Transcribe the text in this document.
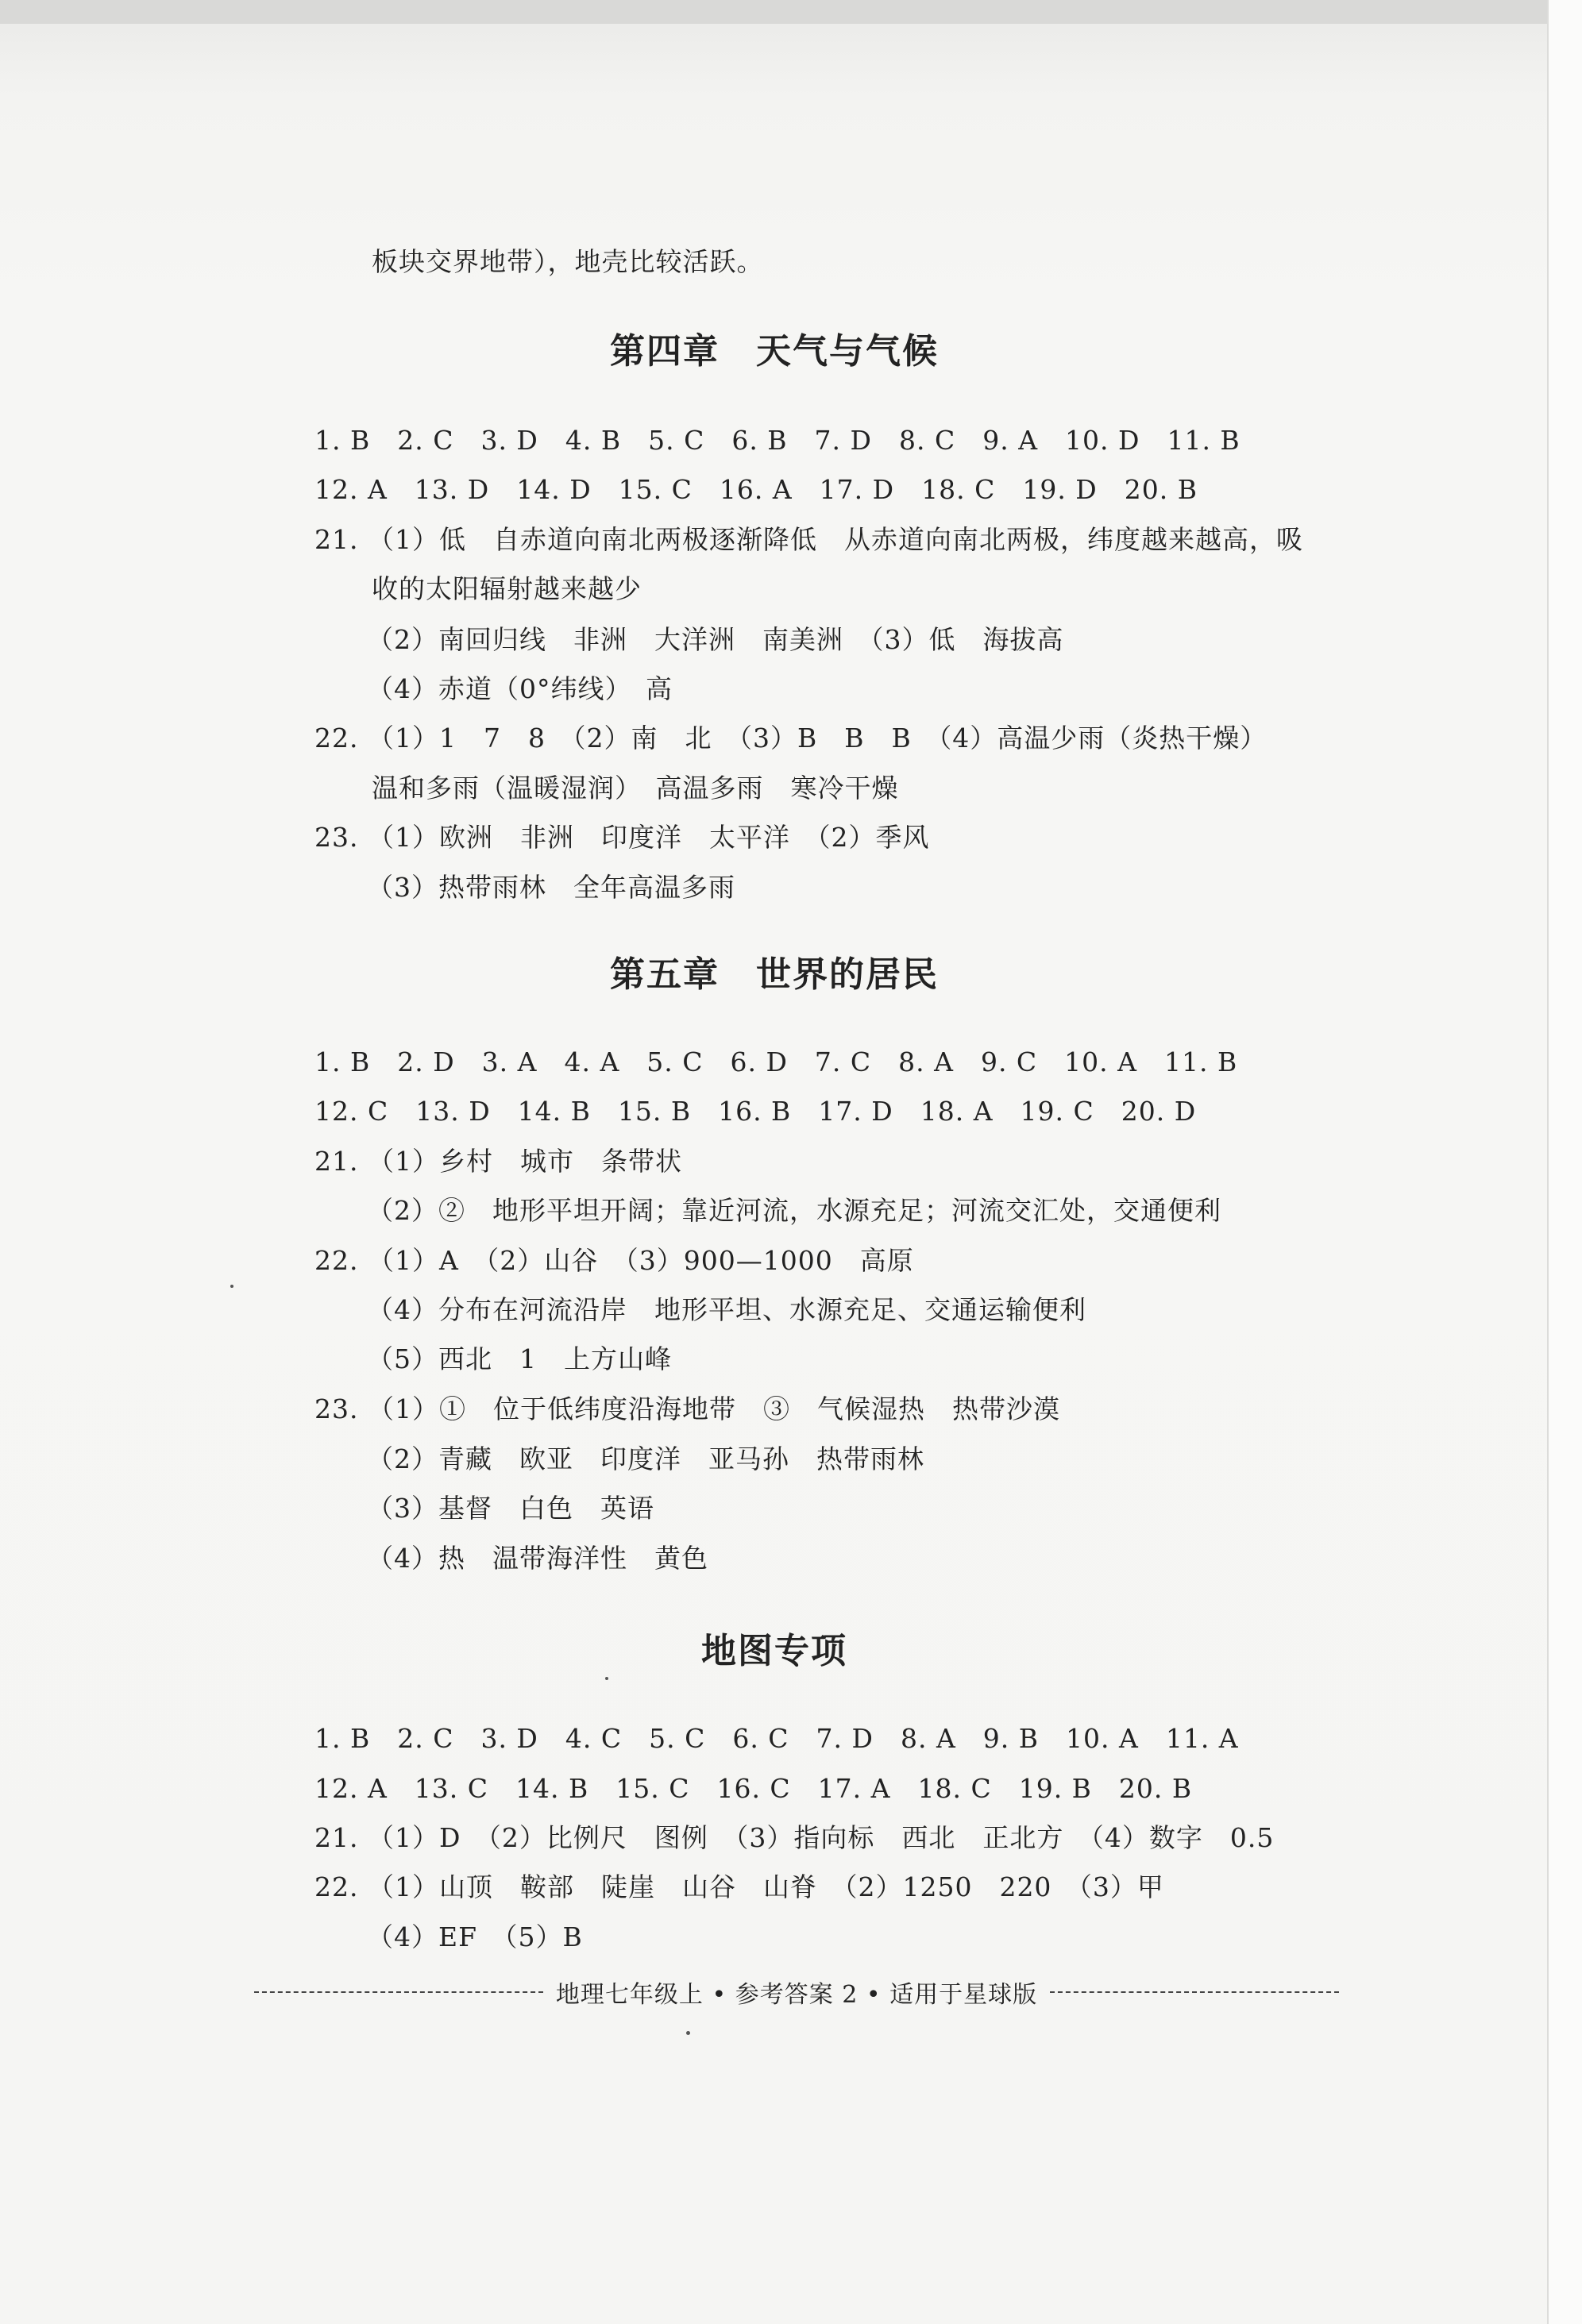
板块交界地带），地壳比较活跃。
第四章　天气与气候
1. B　2. C　3. D　4. B　5. C　6. B　7. D　8. C　9. A　10. D　11. B
12. A　13. D　14. D　15. C　16. A　17. D　18. C　19. D　20. B
21. （1）低　自赤道向南北两极逐渐降低　从赤道向南北两极，纬度越来越高，吸
收的太阳辐射越来越少
（2）南回归线　非洲　大洋洲　南美洲　（3）低　海拔高
（4）赤道（0°纬线）　高
22. （1）1　7　8　（2）南　北　（3）B　B　B　（4）高温少雨（炎热干燥）
温和多雨（温暖湿润）　高温多雨　寒冷干燥
23. （1）欧洲　非洲　印度洋　太平洋　（2）季风
（3）热带雨林　全年高温多雨
第五章　世界的居民
1. B　2. D　3. A　4. A　5. C　6. D　7. C　8. A　9. C　10. A　11. B
12. C　13. D　14. B　15. B　16. B　17. D　18. A　19. C　20. D
21. （1）乡村　城市　条带状
（2）②　地形平坦开阔；靠近河流，水源充足；河流交汇处，交通便利
22. （1）A　（2）山谷　（3）900—1000　高原
（4）分布在河流沿岸　地形平坦、水源充足、交通运输便利
（5）西北　1　上方山峰
23. （1）①　位于低纬度沿海地带　③　气候湿热　热带沙漠
（2）青藏　欧亚　印度洋　亚马孙　热带雨林
（3）基督　白色　英语
（4）热　温带海洋性　黄色
地图专项
1. B　2. C　3. D　4. C　5. C　6. C　7. D　8. A　9. B　10. A　11. A
12. A　13. C　14. B　15. C　16. C　17. A　18. C　19. B　20. B
21. （1）D　（2）比例尺　图例　（3）指向标　西北　正北方　（4）数字　0.5
22. （1）山顶　鞍部　陡崖　山谷　山脊　（2）1250　220　（3）甲
（4）EF　（5）B
地理七年级上 • 参考答案 2 • 适用于星球版
